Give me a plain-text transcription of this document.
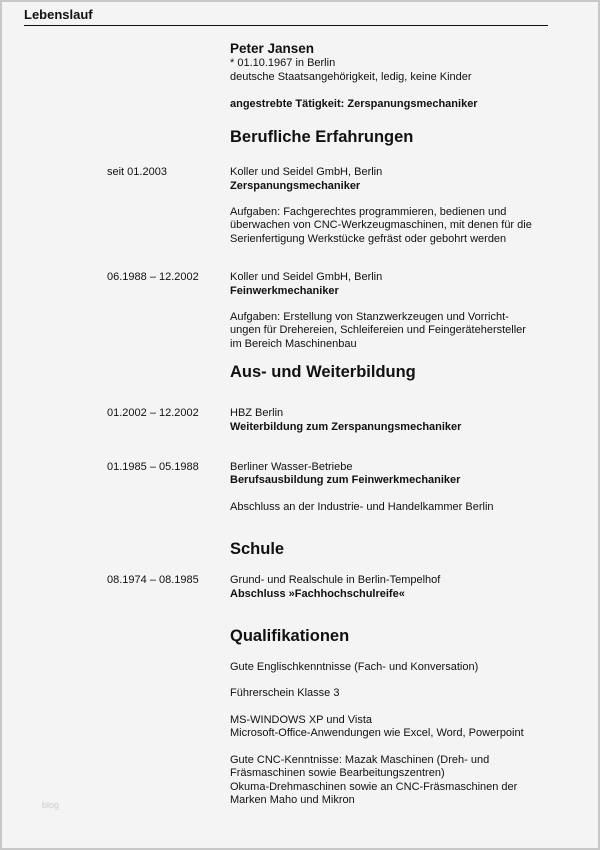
Lebenslauf
Peter Jansen
* 01.10.1967 in Berlin
deutsche Staatsangehörigkeit, ledig, keine Kinder
angestrebte Tätigkeit: Zerspanungsmechaniker
Berufliche Erfahrungen
seit 01.2003	Koller und Seidel GmbH, Berlin
Zerspanungsmechaniker
Aufgaben: Fachgerechtes programmieren, bedienen und
überwachen von CNC-Werkzeugmaschinen, mit denen für die
Serienfertigung Werkstücke gefräst oder gebohrt werden
06.1988 – 12.2002	Koller und Seidel GmbH, Berlin
Feinwerkmechaniker
Aufgaben: Erstellung von Stanzwerkzeugen und Vorricht-
ungen für Drehereien, Schleifereien und Feingerätehersteller
im Bereich Maschinenbau
Aus- und Weiterbildung
01.2002 – 12.2002	HBZ Berlin
Weiterbildung zum Zerspanungsmechaniker
01.1985 – 05.1988	Berliner Wasser-Betriebe
Berufsausbildung zum Feinwerkmechaniker
Abschluss an der Industrie- und Handelkammer Berlin
Schule
08.1974 – 08.1985	Grund- und Realschule in Berlin-Tempelhof
Abschluss »Fachhochschulreife«
Qualifikationen
Gute Englischkenntnisse (Fach- und Konversation)
Führerschein Klasse 3
MS-WINDOWS XP und Vista
Microsoft-Office-Anwendungen wie Excel, Word, Powerpoint
Gute CNC-Kenntnisse: Mazak Maschinen (Dreh- und
Fräsmaschinen sowie Bearbeitungszentren)
Okuma-Drehmaschinen sowie an CNC-Fräsmaschinen der
Marken Maho und Mikron
blog
